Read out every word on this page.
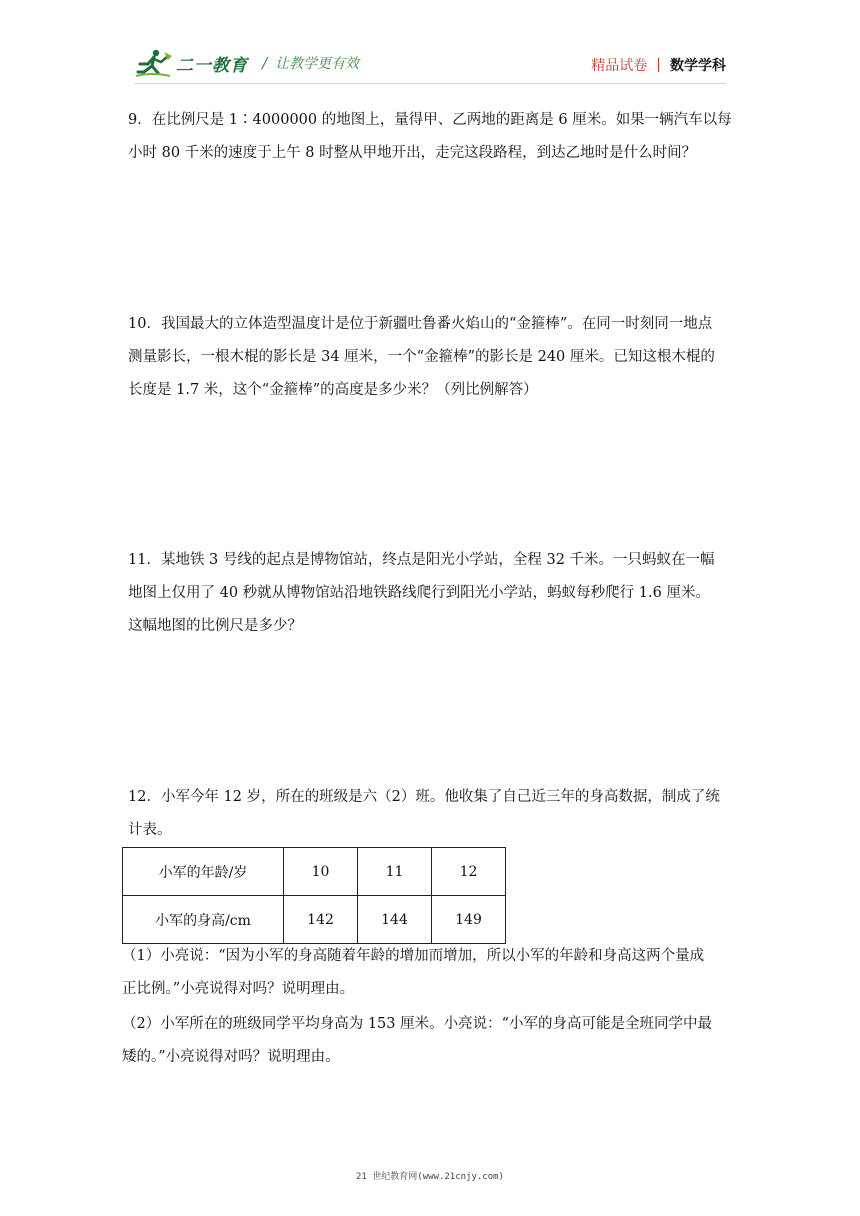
二一教育 / 让教学更有效	精品试卷 | 数学学科

9．在比例尺是 1∶4000000 的地图上，量得甲、乙两地的距离是 6 厘米。如果一辆汽车以每

小时 80 千米的速度于上午 8 时整从甲地开出，走完这段路程，到达乙地时是什么时间？

10．我国最大的立体造型温度计是位于新疆吐鲁番火焰山的“金箍棒”。在同一时刻同一地点

测量影长，一根木棍的影长是 34 厘米，一个“金箍棒”的影长是 240 厘米。已知这根木棍的

长度是 1.7 米，这个“金箍棒”的高度是多少米？（列比例解答）

11．某地铁 3 号线的起点是博物馆站，终点是阳光小学站，全程 32 千米。一只蚂蚁在一幅

地图上仅用了 40 秒就从博物馆站沿地铁路线爬行到阳光小学站，蚂蚁每秒爬行 1.6 厘米。

这幅地图的比例尺是多少？

12．小军今年 12 岁，所在的班级是六（2）班。他收集了自己近三年的身高数据，制成了统

计表。

小军的年龄/岁	10	11	12
小军的身高/cm	142	144	149

（1）小亮说：“因为小军的身高随着年龄的增加而增加，所以小军的年龄和身高这两个量成

正比例。”小亮说得对吗？说明理由。

（2）小军所在的班级同学平均身高为 153 厘米。小亮说：“小军的身高可能是全班同学中最

矮的。”小亮说得对吗？说明理由。

21 世纪教育网(www.21cnjy.com)
